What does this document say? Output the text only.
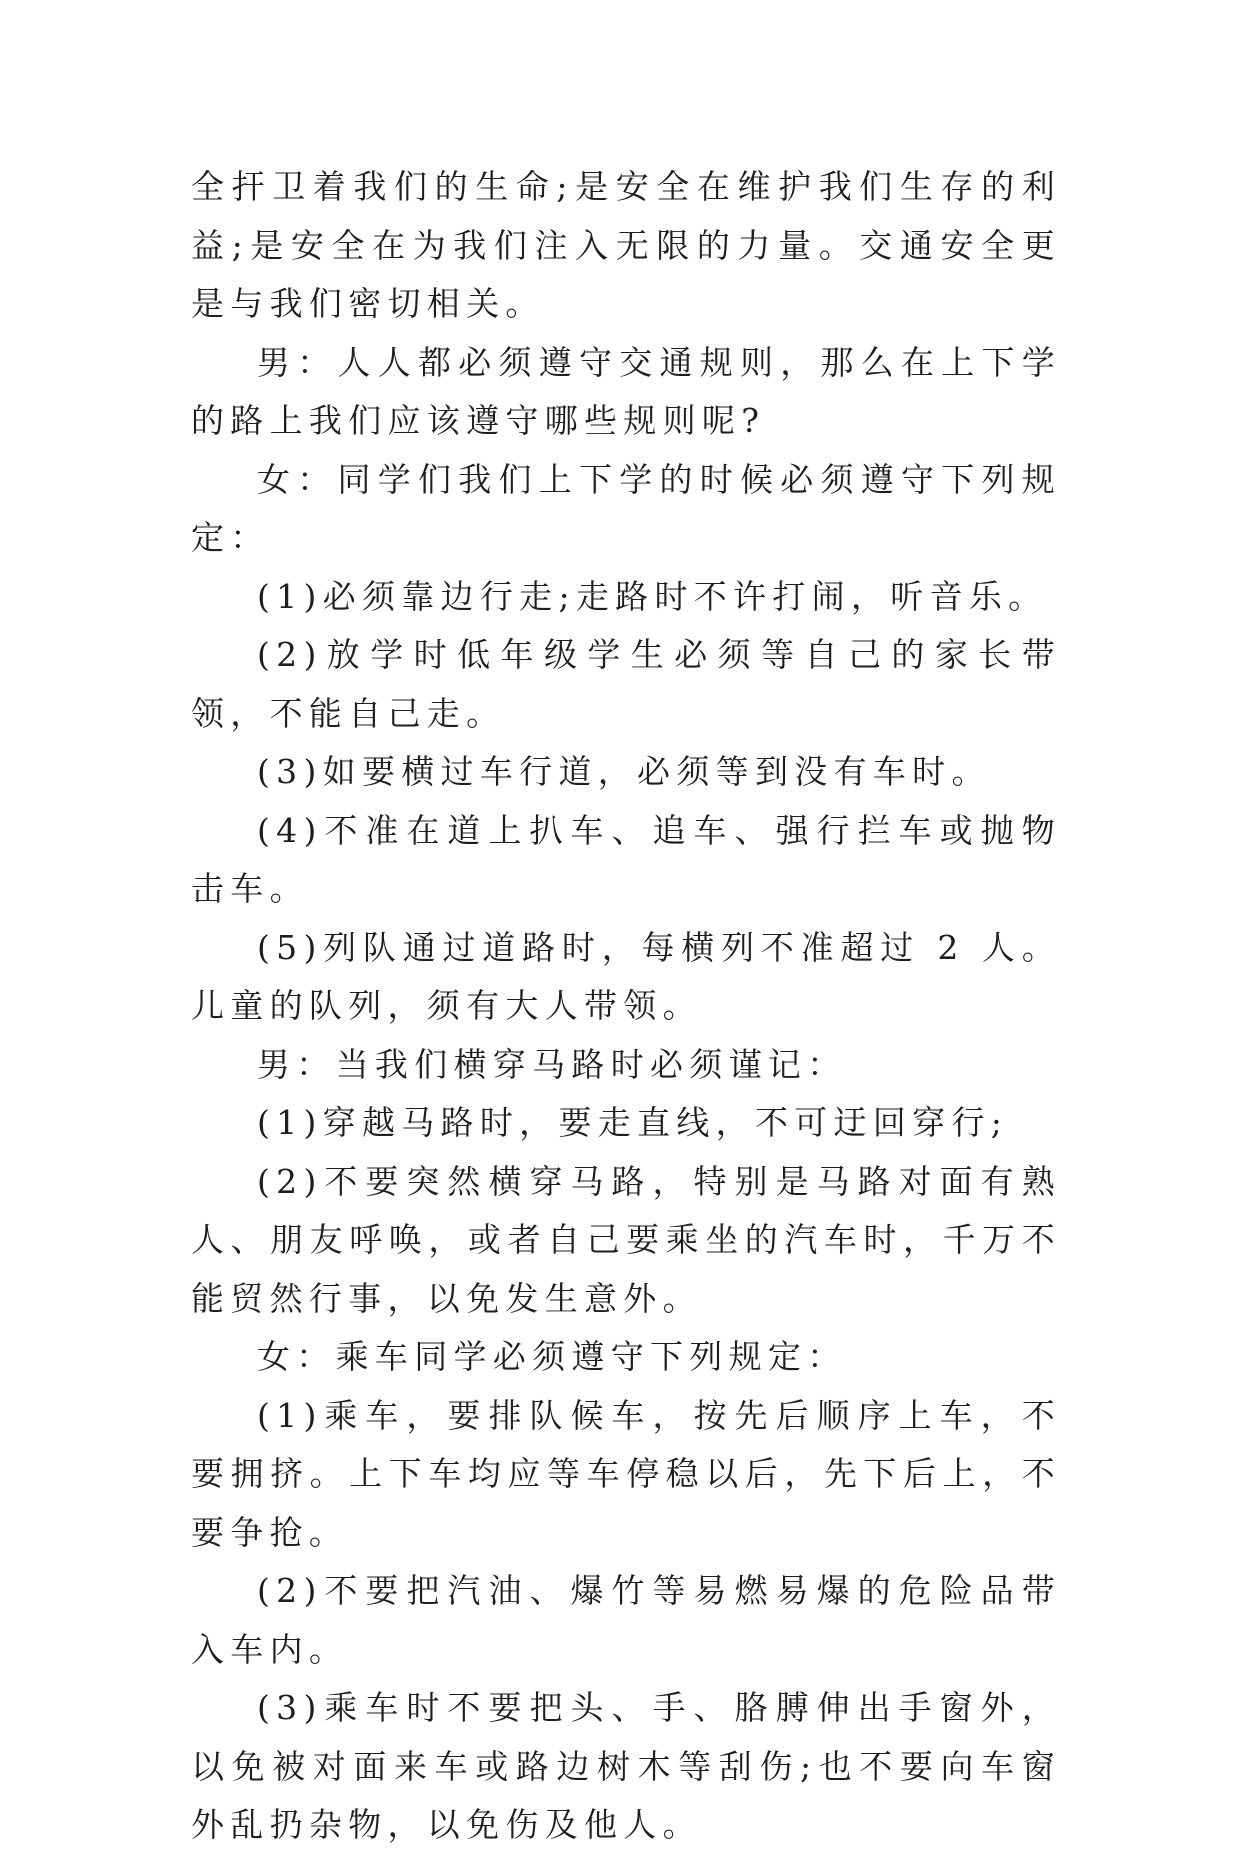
全扞卫着我们的生命;是安全在维护我们生存的利益;是安全在为我们注入无限的力量。交通安全更是与我们密切相关。

男：人人都必须遵守交通规则，那么在上下学的路上我们应该遵守哪些规则呢?

女：同学们我们上下学的时候必须遵守下列规定：

(1)必须靠边行走;走路时不许打闹，听音乐。

(2)放学时低年级学生必须等自己的家长带领，不能自己走。

(3)如要横过车行道，必须等到没有车时。

(4)不准在道上扒车、追车、强行拦车或抛物击车。

(5)列队通过道路时，每横列不准超过 2 人。儿童的队列，须有大人带领。

男：当我们横穿马路时必须谨记：

(1)穿越马路时，要走直线，不可迂回穿行;

(2)不要突然横穿马路，特别是马路对面有熟人、朋友呼唤，或者自己要乘坐的汽车时，千万不能贸然行事，以免发生意外。

女：乘车同学必须遵守下列规定：

(1)乘车，要排队候车，按先后顺序上车，不要拥挤。上下车均应等车停稳以后，先下后上，不要争抢。

(2)不要把汽油、爆竹等易燃易爆的危险品带入车内。

(3)乘车时不要把头、手、胳膊伸出手窗外，以免被对面来车或路边树木等刮伤;也不要向车窗外乱扔杂物，以免伤及他人。
